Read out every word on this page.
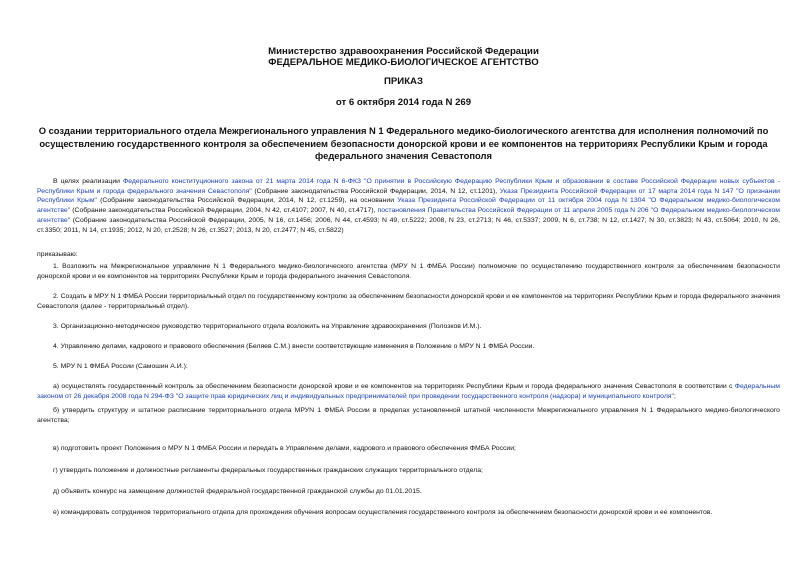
Министерство здравоохранения Российской Федерации
ФЕДЕРАЛЬНОЕ МЕДИКО-БИОЛОГИЧЕСКОЕ АГЕНТСТВО
ПРИКАЗ
от 6 октября 2014 года N 269
О создании территориального отдела Межрегионального управления N 1 Федерального медико-биологического агентства для исполнения полномочий по осуществлению государственного контроля за обеспечением безопасности донорской крови и ее компонентов на территориях Республики Крым и города федерального значения Севастополя
В целях реализации Федерального конституционного закона от 21 марта 2014 года N 6-ФКЗ "О принятии в Российскую Федерацию Республики Крым и образовании в составе Российской Федерации новых субъектов - Республики Крым и города федерального значения Севастополя" (Собрание законодательства Российской Федерации, 2014, N 12, ст.1201), Указа Президента Российской Федерации от 17 марта 2014 года N 147 "О признании Республики Крым" (Собрание законодательства Российской Федерации, 2014, N 12, ст.1259), на основании Указа Президента Российской Федерации от 11 октября 2004 года N 1304 "О Федеральном медико-биологическом агентстве" (Собрание законодательства Российской Федерации, 2004, N 42, ст.4107; 2007, N 40, ст.4717), постановления Правительства Российской Федерации от 11 апреля 2005 года N 206 "О Федеральном медико-биологическом агентстве" (Собрание законодательства Российской Федерации, 2005, N 16, ст.1456; 2006, N 44, ст.4593; N 49, ст.5222; 2008, N 23, ст.2713; N 46, ст.5337; 2009, N 6, ст.738; N 12, ст.1427; N 30, ст.3823; N 43, ст.5064; 2010, N 26, ст.3350; 2011, N 14, ст.1935; 2012, N 20, ст.2528; N 26, ст.3527; 2013, N 20, ст.2477; N 45, ст.5822)
приказываю:
1. Возложить на Межрегиональное управление N 1 Федерального медико-биологического агентства (МРУ N 1 ФМБА России) полномочие по осуществлению государственного контроля за обеспечением безопасности донорской крови и ее компонентов на территориях Республики Крым и города федерального значения Севастополя.
2. Создать в МРУ N 1 ФМБА России территориальный отдел по государственному контролю за обеспечением безопасности донорской крови и ее компонентов на территориях Республики Крым и города федерального значения Севастополя (далее - территориальный отдел).
3. Организационно-методическое руководство территориального отдела возложить на Управление здравоохранения (Полозков И.М.).
4. Управлению делами, кадрового и правового обеспечения (Беляев С.М.) внести соответствующие изменения в Положение о МРУ N 1 ФМБА России.
5. МРУ N 1 ФМБА России (Самошин А.И.):
а) осуществлять государственный контроль за обеспечением безопасности донорской крови и ее компонентов на территориях Республики Крым и города федерального значения Севастополя в соответствии с Федеральным законом от 26 декабря 2008 года N 294-ФЗ "О защите прав юридических лиц и индивидуальных предпринимателей при проведении государственного контроля (надзора) и муниципального контроля";
б) утвердить структуру и штатное расписание территориального отдела МРУN 1 ФМБА России в пределах установленной штатной численности Межрегионального управления N 1 Федерального медико-биологического агентства;
в) подготовить проект Положения о МРУ N 1 ФМБА России и передать в Управление делами, кадрового и правового обеспечения ФМБА России;
г) утвердить положение и должностные регламенты федеральных государственных гражданских служащих территориального отдела;
д) объявить конкурс на замещение должностей федеральной государственной гражданской службы до 01.01.2015.
е) командировать сотрудников территориального отдела для прохождения обучения вопросам осуществления государственного контроля за обеспечением безопасности донорской крови и ее компонентов.
